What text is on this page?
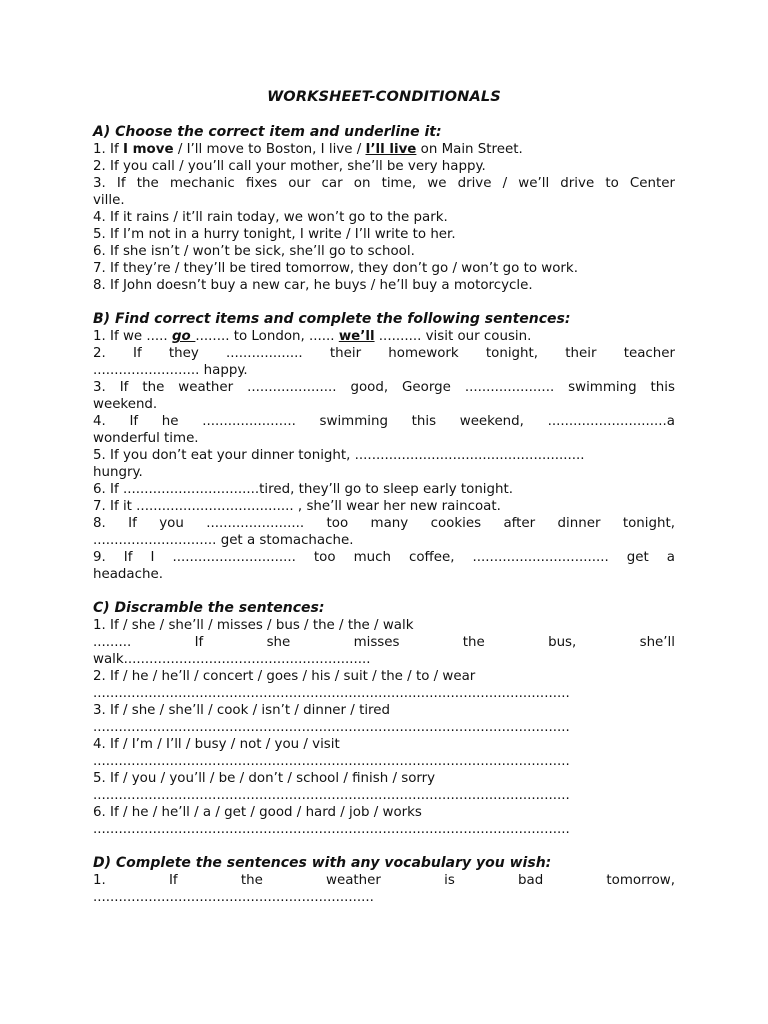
WORKSHEET-CONDITIONALS

A) Choose the correct item and underline it:

1. If I move / I’ll move to Boston, I live / I’ll live on Main Street.

2. If you call / you’ll call your mother, she’ll be very happy.

3. If the mechanic fixes our car on time, we drive / we’ll drive to Center

ville.

4. If it rains / it’ll rain today, we won’t go to the park.

5. If I’m not in a hurry tonight, I write / I’ll write to her.

6. If she isn’t / won’t be sick, she’ll go to school.

7. If they’re / they’ll be tired tomorrow, they don’t go / won’t go to work.

8. If John doesn’t buy a new car, he buys / he’ll buy a motorcycle.

B) Find correct items and complete the following sentences:

1. If we ..... go ........ to London, ...... we’ll .......... visit our cousin.

2. If they .................. their homework tonight, their teacher

......................... happy.

3. If the weather ..................... good, George ..................... swimming this

weekend.

4. If he ...................... swimming this weekend, ............................a

wonderful time.

5. If you don’t eat your dinner tonight, ......................................................

hungry.

6. If ................................tired, they’ll go to sleep early tonight.

7. If it ..................................... , she’ll wear her new raincoat.

8. If you ....................... too many cookies after dinner tonight,

............................. get a stomachache.

9. If I ............................. too much coffee, ................................ get a

headache.

C) Discramble the sentences:

1. If / she / she’ll / misses / bus / the / the / walk

......... If she misses the bus, she’ll

walk..........................................................

2. If / he / he’ll / concert / goes / his / suit / the / to / wear

................................................................................................................

3. If / she / she’ll / cook / isn’t / dinner / tired

................................................................................................................

4. If / I’m / I’ll / busy / not / you / visit

................................................................................................................

5. If / you / you’ll / be / don’t / school / finish / sorry

................................................................................................................

6. If / he / he’ll / a / get / good / hard / job / works

................................................................................................................

D) Complete the sentences with any vocabulary you wish:

1. If the weather is bad tomorrow,

..................................................................
